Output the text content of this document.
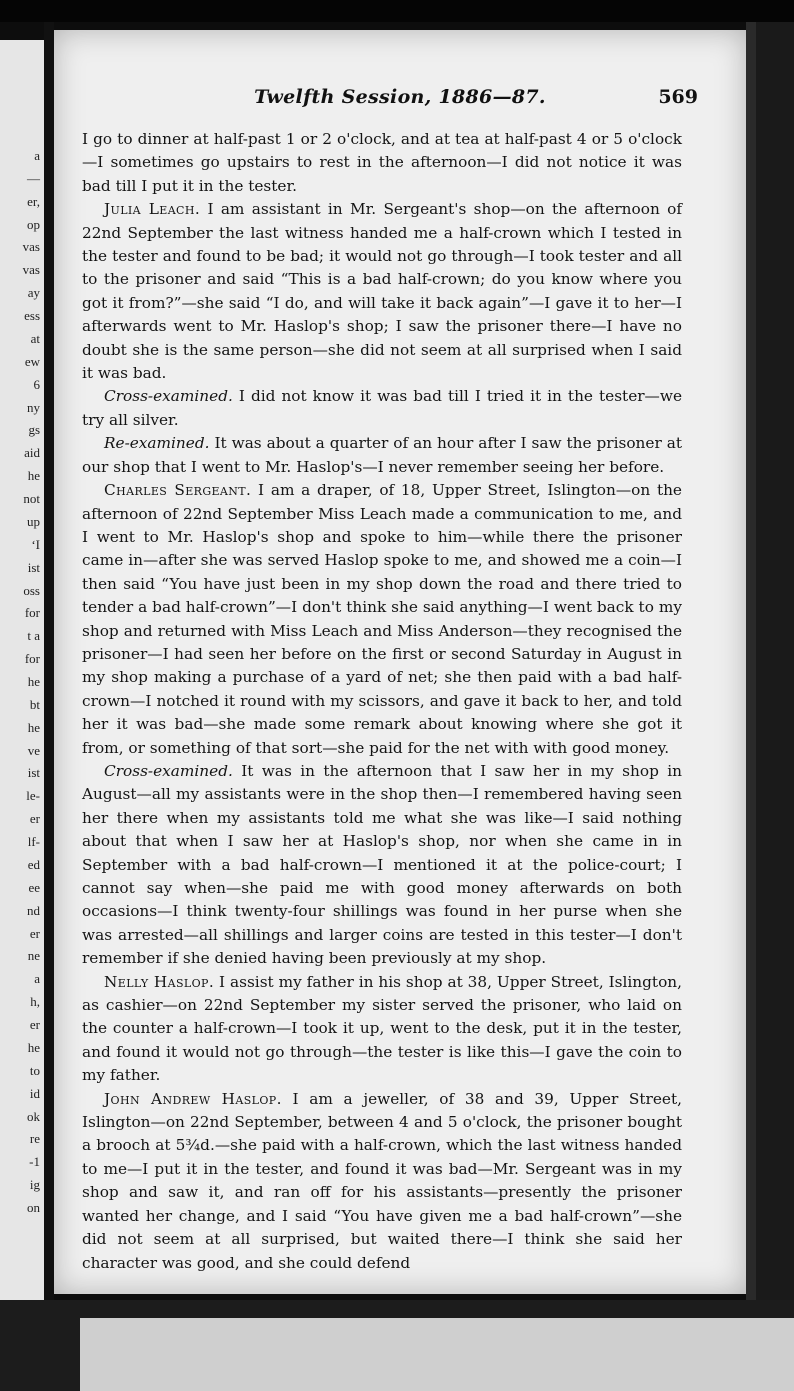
a
—
er,
op
vas
vas
ay
ess
at
ew
6
ny
gs
aid
he
not
up
‘I
ist
oss
for
t a
for
he
bt
he
ve
ist
le-
er
lf-
ed
ee
nd
er
ne
a
h,
er
he
to
id
ok
re
-1
ig
on
Twelfth Session, 1886—87.	569

I go to dinner at half-past 1 or 2 o'clock, and at tea at half-past 4 or 5 o'clock—I sometimes go upstairs to rest in the afternoon—I did not notice it was bad till I put it in the tester.

Julia Leach. I am assistant in Mr. Sergeant's shop—on the afternoon of 22nd September the last witness handed me a half-crown which I tested in the tester and found to be bad; it would not go through—I took tester and all to the prisoner and said “This is a bad half-crown; do you know where you got it from?”—she said “I do, and will take it back again”—I gave it to her—I afterwards went to Mr. Haslop's shop; I saw the prisoner there—I have no doubt she is the same person—she did not seem at all surprised when I said it was bad.

Cross-examined. I did not know it was bad till I tried it in the tester—we try all silver.

Re-examined. It was about a quarter of an hour after I saw the prisoner at our shop that I went to Mr. Haslop's—I never remember seeing her before.

Charles Sergeant. I am a draper, of 18, Upper Street, Islington—on the afternoon of 22nd September Miss Leach made a communication to me, and I went to Mr. Haslop's shop and spoke to him—while there the prisoner came in—after she was served Haslop spoke to me, and showed me a coin—I then said “You have just been in my shop down the road and there tried to tender a bad half-crown”—I don't think she said anything—I went back to my shop and returned with Miss Leach and Miss Anderson—they recognised the prisoner—I had seen her before on the first or second Saturday in August in my shop making a purchase of a yard of net; she then paid with a bad half-crown—I notched it round with my scissors, and gave it back to her, and told her it was bad—she made some remark about knowing where she got it from, or something of that sort—she paid for the net with with good money.

Cross-examined. It was in the afternoon that I saw her in my shop in August—all my assistants were in the shop then—I remembered having seen her there when my assistants told me what she was like—I said nothing about that when I saw her at Haslop's shop, nor when she came in in September with a bad half-crown—I mentioned it at the police-court; I cannot say when—she paid me with good money afterwards on both occasions—I think twenty-four shillings was found in her purse when she was arrested—all shillings and larger coins are tested in this tester—I don't remember if she denied having been previously at my shop.

Nelly Haslop. I assist my father in his shop at 38, Upper Street, Islington, as cashier—on 22nd September my sister served the prisoner, who laid on the counter a half-crown—I took it up, went to the desk, put it in the tester, and found it would not go through—the tester is like this—I gave the coin to my father.

John Andrew Haslop. I am a jeweller, of 38 and 39, Upper Street, Islington—on 22nd September, between 4 and 5 o'clock, the prisoner bought a brooch at 5¾d.—she paid with a half-crown, which the last witness handed to me—I put it in the tester, and found it was bad—Mr. Sergeant was in my shop and saw it, and ran off for his assistants—presently the prisoner wanted her change, and I said “You have given me a bad half-crown”—she did not seem at all surprised, but waited there—I think she said her character was good, and she could defend
